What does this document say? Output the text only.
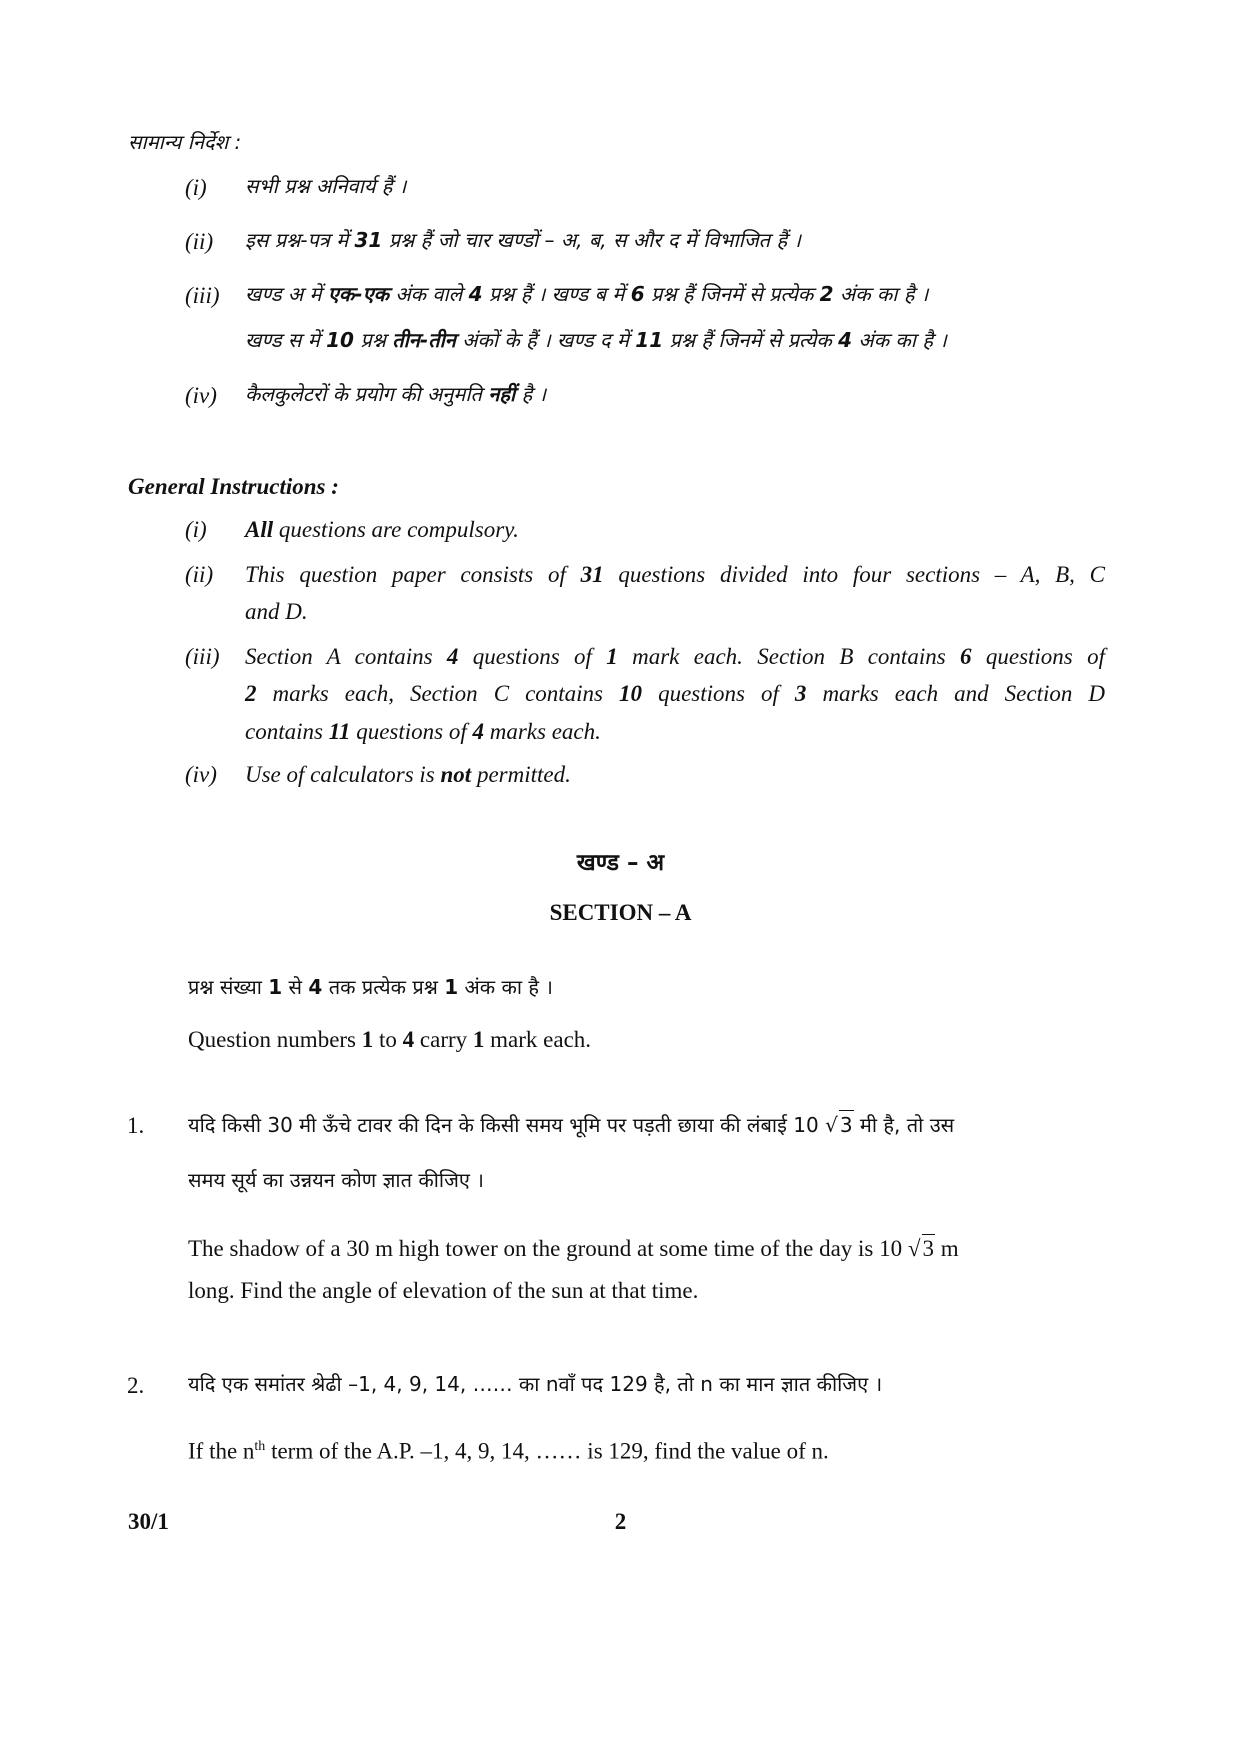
सामान्य निर्देश :
(i) सभी प्रश्न अनिवार्य हैं ।
(ii) इस प्रश्न-पत्र में 31 प्रश्न हैं जो चार खण्डों – अ, ब, स और द में विभाजित हैं ।
(iii) खण्ड अ में एक-एक अंक वाले 4 प्रश्न हैं । खण्ड ब में 6 प्रश्न हैं जिनमें से प्रत्येक 2 अंक का है ।
खण्ड स में 10 प्रश्न तीन-तीन अंकों के हैं । खण्ड द में 11 प्रश्न हैं जिनमें से प्रत्येक 4 अंक का है ।
(iv) कैलकुलेटरों के प्रयोग की अनुमति नहीं है ।
General Instructions :
(i) All questions are compulsory.
(ii) This question paper consists of 31 questions divided into four sections – A, B, C
and D.
(iii) Section A contains 4 questions of 1 mark each. Section B contains 6 questions of
2 marks each, Section C contains 10 questions of 3 marks each and Section D
contains 11 questions of 4 marks each.
(iv) Use of calculators is not permitted.
खण्ड – अ
SECTION – A
प्रश्न संख्या 1 से 4 तक प्रत्येक प्रश्न 1 अंक का है ।
Question numbers 1 to 4 carry 1 mark each.
1. यदि किसी 30 मी ऊँचे टावर की दिन के किसी समय भूमि पर पड़ती छाया की लंबाई 10 √ 3 मी है, तो उस
समय सूर्य का उन्नयन कोण ज्ञात कीजिए ।
The shadow of a 30 m high tower on the ground at some time of the day is 10 √3 m
long. Find the angle of elevation of the sun at that time.
2. यदि एक समांतर श्रेढी –1, 4, 9, 14, …… का nवाँ पद 129 है, तो n का मान ज्ञात कीजिए ।
If the $n^{th}$ term of the A.P. –1, 4, 9, 14, …… is 129, find the value of n.
30/1	2
